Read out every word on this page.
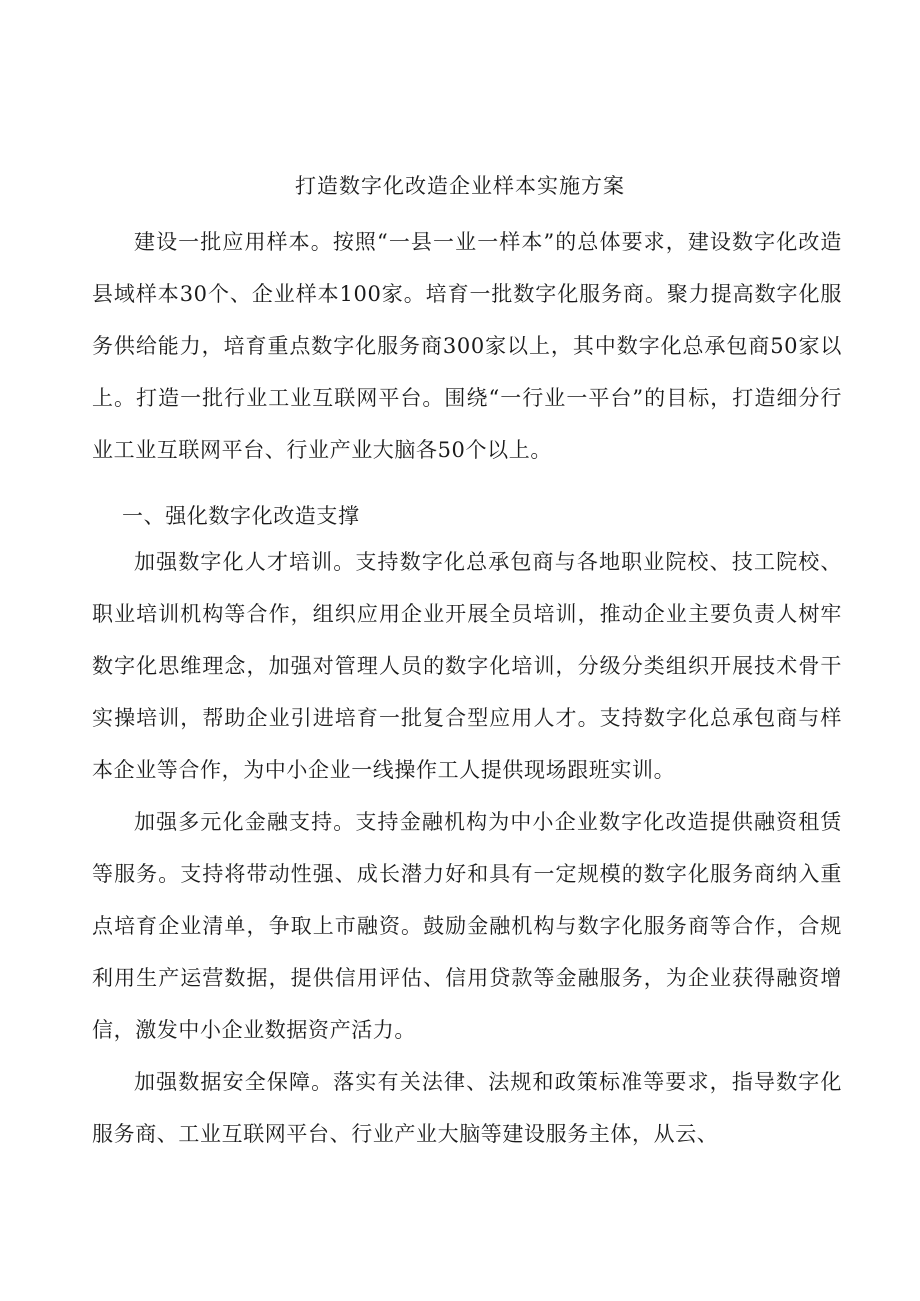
打造数字化改造企业样本实施方案

建设一批应用样本。按照“一县一业一样本”的总体要求，建设数字化改造县域样本30个、企业样本100家。培育一批数字化服务商。聚力提高数字化服务供给能力，培育重点数字化服务商300家以上，其中数字化总承包商50家以上。打造一批行业工业互联网平台。围绕“一行业一平台”的目标，打造细分行业工业互联网平台、行业产业大脑各50个以上。

一、强化数字化改造支撑

加强数字化人才培训。支持数字化总承包商与各地职业院校、技工院校、职业培训机构等合作，组织应用企业开展全员培训，推动企业主要负责人树牢数字化思维理念，加强对管理人员的数字化培训，分级分类组织开展技术骨干实操培训，帮助企业引进培育一批复合型应用人才。支持数字化总承包商与样本企业等合作，为中小企业一线操作工人提供现场跟班实训。

加强多元化金融支持。支持金融机构为中小企业数字化改造提供融资租赁等服务。支持将带动性强、成长潜力好和具有一定规模的数字化服务商纳入重点培育企业清单，争取上市融资。鼓励金融机构与数字化服务商等合作，合规利用生产运营数据，提供信用评估、信用贷款等金融服务，为企业获得融资增信，激发中小企业数据资产活力。

加强数据安全保障。落实有关法律、法规和政策标准等要求，指导数字化服务商、工业互联网平台、行业产业大脑等建设服务主体，从云、
